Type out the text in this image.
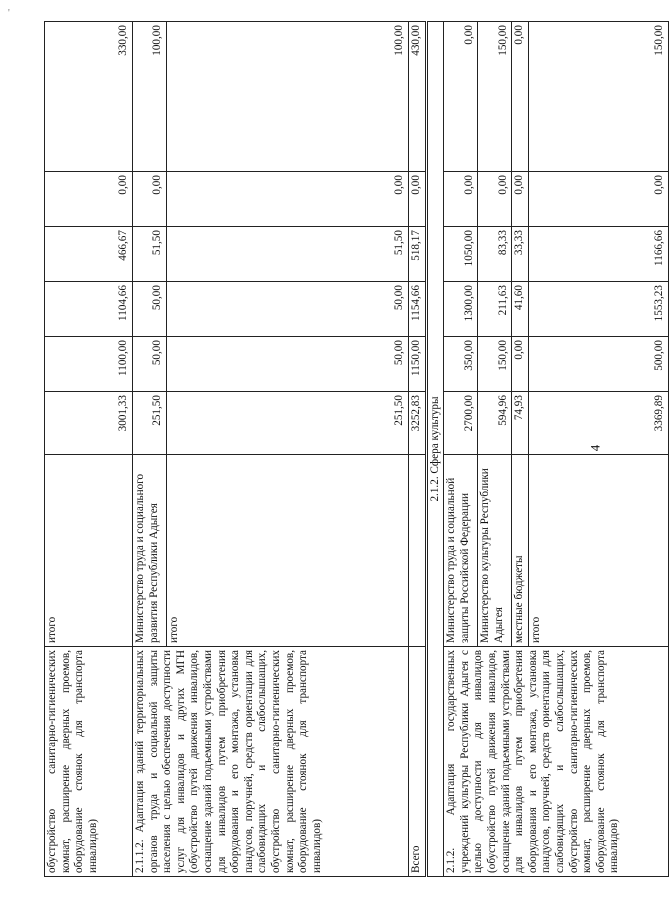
'
4
обустройство санитарно-гигиенических комнат, расширение дверных проемов, оборудование стоянок для транспорта инвалидов)	итого	3001,33	1100,00	1104,66	466,67	0,00	330,00
2.1.1.2. Адаптация зданий территориальных органов труда и социальной защиты населения с целью обеспечения доступности услуг для инвалидов и других МГН (обустройство путей движения инвалидов, оснащение зданий подъемными устройствами для инвалидов путем приобретения оборудования и его монтажа, установка пандусов, поручней, средств ориентации для слабовидящих и слабослышащих, обустройство санитарно-гигиенических комнат, расширение дверных проемов, оборудование стоянок для транспорта инвалидов)	Министерство труда и социального развития Республики Адыгея	251,50	50,00	50,00	51,50	0,00	100,00
	итого	251,50	50,00	50,00	51,50	0,00	100,00
Всего		3252,83	1150,00	1154,66	518,17	0,00	430,00
2.1.2. Сфера культуры							
2.1.2. Адаптация государственных учреждений культуры Республики Адыгея с целью доступности для инвалидов (обустройство путей движения инвалидов, оснащение зданий подъемными устройствами для инвалидов путем приобретения оборудования и его монтажа, установка пандусов, поручней, средств ориентации для слабовидящих и слабослышащих, обустройство санитарно-гигиенических комнат, расширение дверных проемов, оборудование стоянок для транспорта инвалидов)	Министерство труда и социальной защиты Российской Федерации	2700,00	350,00	1300,00	1050,00	0,00	0,00
	Министерство культуры Республики Адыгея	594,96	150,00	211,63	83,33	0,00	150,00
	местные бюджеты	74,93	0,00	41,60	33,33	0,00	0,00
	итого	3369,89	500,00	1553,23	1166,66	0,00	150,00
